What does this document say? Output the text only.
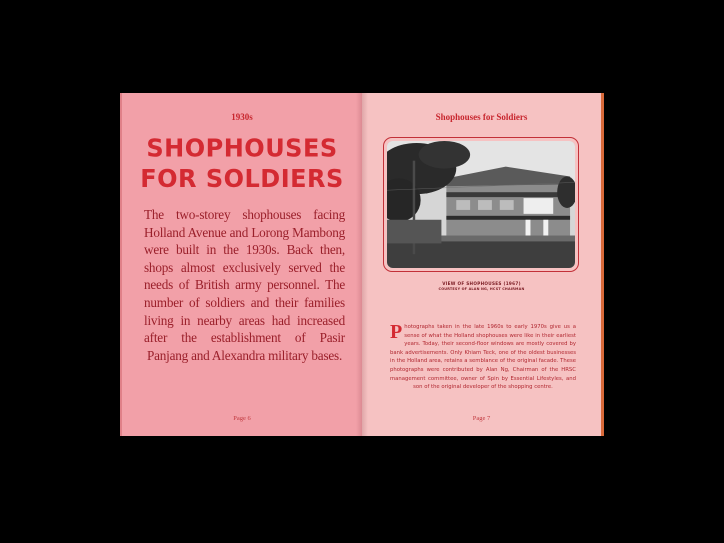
1930s
SHOPHOUSES
FOR SOLDIERS

The two-storey shophouses facing Holland Avenue and Lorong Mambong were built in the 1930s. Back then, shops almost exclusively served the needs of British army personnel. The number of soldiers and their families living in nearby areas had increased after the establishment of Pasir Panjang and Alexandra military bases.

Page 6
Shophouses for Soldiers
VIEW OF SHOPHOUSES (1967)
COURTESY OF ALAN NG, HCST CHAIRMAN

Photographs taken in the late 1960s to early 1970s give us a sense of what the Holland shophouses were like in their earliest years. Today, their second-floor windows are mostly covered by bank advertisements. Only Khiam Teck, one of the oldest businesses in the Holland area, retains a semblance of the original facade. These photographs were contributed by Alan Ng, Chairman of the HRSC management committee, owner of Spin by Essential Lifestyles, and son of the original developer of the shopping centre.

Page 7
